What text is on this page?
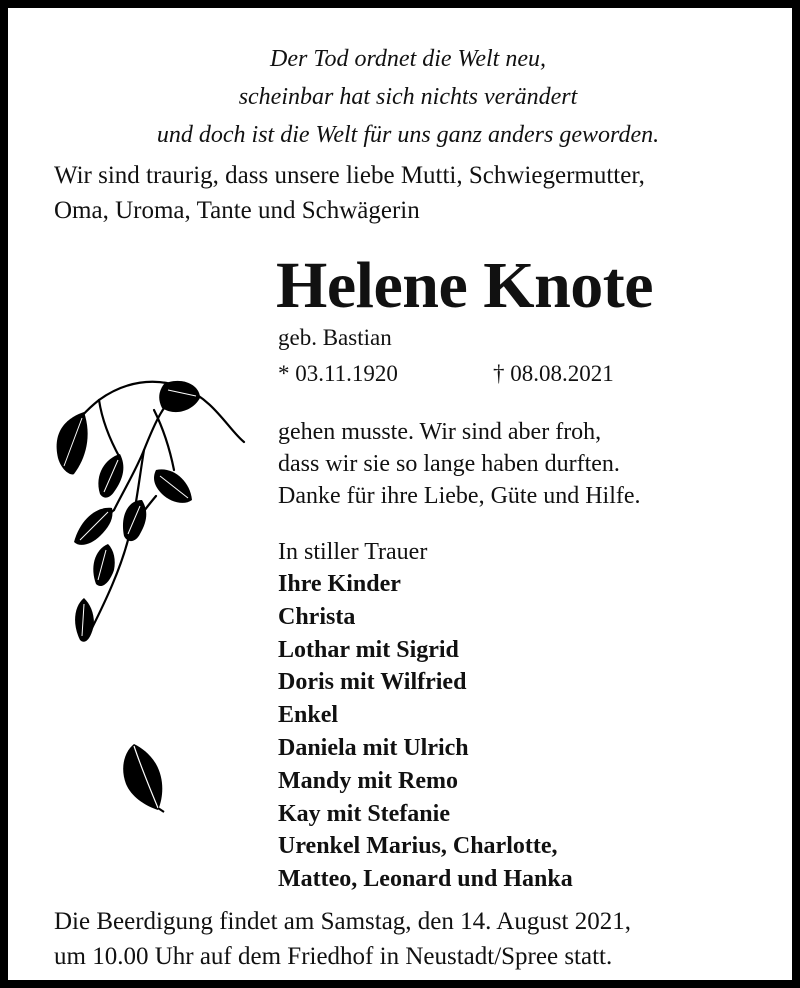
Der Tod ordnet die Welt neu,
scheinbar hat sich nichts verändert
und doch ist die Welt für uns ganz anders geworden.
Wir sind traurig, dass unsere liebe Mutti, Schwiegermutter,
Oma, Uroma, Tante und Schwägerin
Helene Knote
geb. Bastian
* 03.11.1920	† 08.08.2021
gehen musste. Wir sind aber froh,
dass wir sie so lange haben durften.
Danke für ihre Liebe, Güte und Hilfe.
In stiller Trauer
Ihre Kinder
Christa
Lothar mit Sigrid
Doris mit Wilfried
Enkel
Daniela mit Ulrich
Mandy mit Remo
Kay mit Stefanie
Urenkel Marius, Charlotte,
Matteo, Leonard und Hanka
Die Beerdigung findet am Samstag, den 14. August 2021,
um 10.00 Uhr auf dem Friedhof in Neustadt/Spree statt.
